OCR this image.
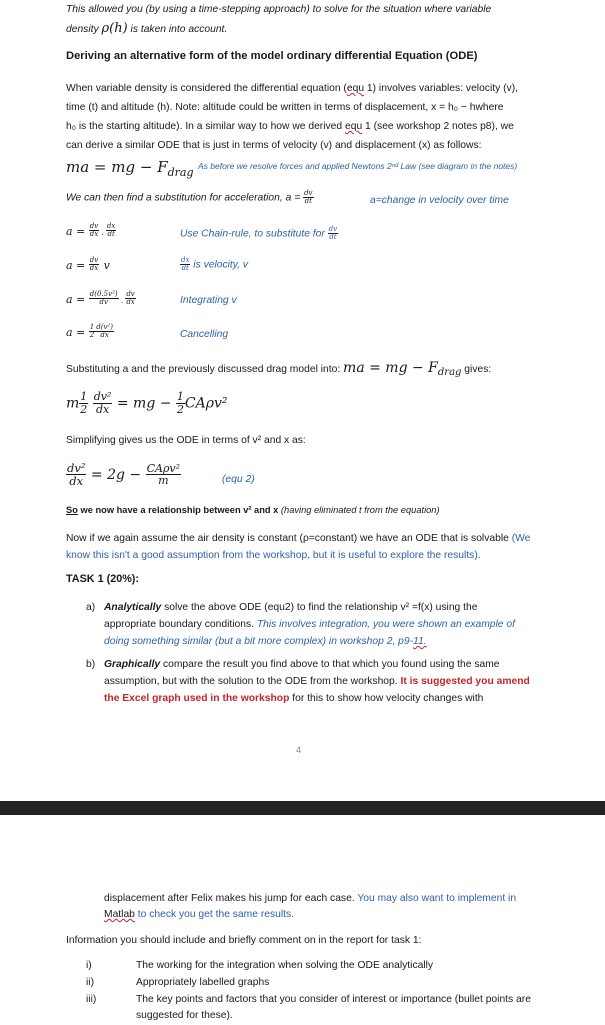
This allowed you (by using a time-stepping approach) to solve for the situation where variable
density ρ(h) is taken into account.
Deriving an alternative form of the model ordinary differential Equation (ODE)
When variable density is considered the differential equation (equ 1) involves variables: velocity (v),
time (t) and altitude (h). Note: altitude could be written in terms of displacement, x = h₀ − hwhere
h₀ is the starting altitude). In a similar way to how we derived equ 1 (see workshop 2 notes p8), we
can derive a similar ODE that is just in terms of velocity (v) and displacement (x) as follows:
ma = mg − $F_{drag}$ As before we resolve forces and applied Newtons 2ⁿᵈ Law (see diagram in the notes)
We can then find a substitution for acceleration, $a = \frac{dv}{dt}$	a=change in velocity over time
$a = \frac{dv}{dx}$ . $\frac{dx}{dt}$	Use Chain-rule, to substitute for $\frac{dv}{dt}$
$a = \frac{dv}{dx}$ v	$\frac{dx}{dt}$ is velocity, v
$a = \frac{\text{d(0.5v²)}}{dv}$ . $\frac{dv}{dx}$	Integrating v
$a = \frac{1}{2} \frac{\text{d(v²)}}{dx}$	Cancelling
Substituting a and the previously discussed drag model into: ma = mg − $F_{drag}$ gives:
m $\frac{1}{2}$
$\frac{\text{dv²}}{dx}$ = mg − $\frac{1}{2} CA\rho v^2$
Simplifying gives us the ODE in terms of v² and x as:
$\frac{\text{dv²}}{dx} = 2g - \frac{\text{CAρv²}}{m}$	(equ 2)
So we now have a relationship between v² and x (having eliminated t from the equation)
Now if we again assume the air density is constant (ρ=constant) we have an ODE that is solvable (We
know this isn't a good assumption from the workshop, but it is useful to explore the results).
TASK 1 (20%):
a) Analytically solve the above ODE (equ2) to find the relationship v² =f(x) using the
appropriate boundary conditions. This involves integration, you were shown an example of
doing something similar (but a bit more complex) in workshop 2, p9-11.
b) Graphically compare the result you find above to that which you found using the same
assumption, but with the solution to the ODE from the workshop. It is suggested you amend
the Excel graph used in the workshop for this to show how velocity changes with
4
displacement after Felix makes his jump for each case. You may also want to implement in
Matlab to check you get the same results.
Information you should include and briefly comment on in the report for task 1:
i)	The working for the integration when solving the ODE analytically
ii)	Appropriately labelled graphs
iii)	The key points and factors that you consider of interest or importance (bullet points are
suggested for these).
